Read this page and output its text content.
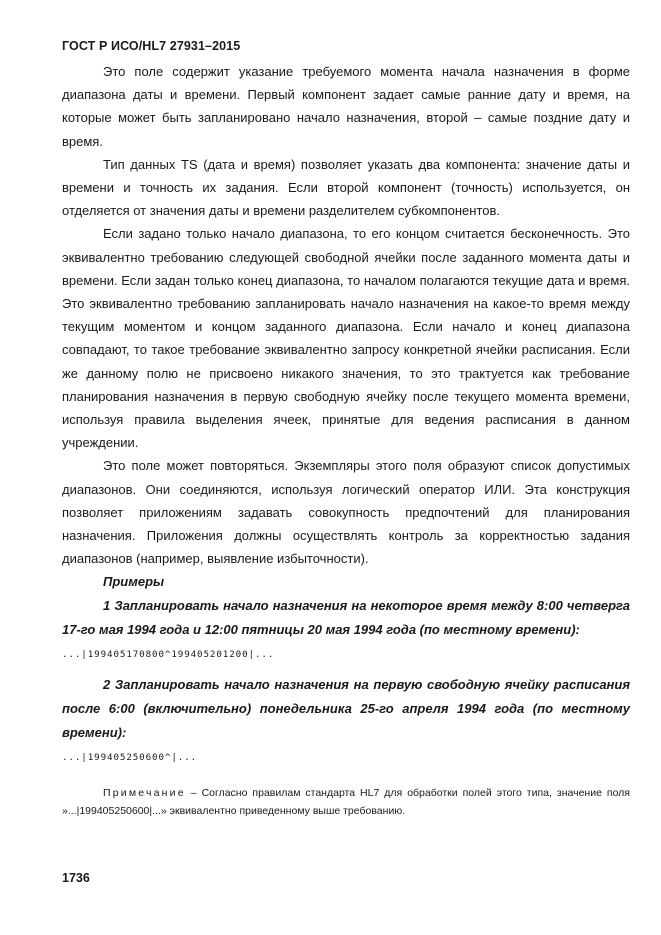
ГОСТ Р ИСО/HL7 27931–2015

Это поле содержит указание требуемого момента начала назначения в форме диапазона даты и времени. Первый компонент задает самые ранние дату и время, на которые может быть запланировано начало назначения, второй – самые поздние дату и время.

Тип данных TS (дата и время) позволяет указать два компонента: значение даты и времени и точность их задания. Если второй компонент (точность) используется, он отделяется от значения даты и времени разделителем субкомпонентов.

Если задано только начало диапазона, то его концом считается бесконечность. Это эквивалентно требованию следующей свободной ячейки после заданного момента даты и времени. Если задан только конец диапазона, то началом полагаются текущие дата и время. Это эквивалентно требованию запланировать начало назначения на какое-то время между текущим моментом и концом заданного диапазона. Если начало и конец диапазона совпадают, то такое требование эквивалентно запросу конкретной ячейки расписания. Если же данному полю не присвоено никакого значения, то это трактуется как требование планирования назначения в первую свободную ячейку после текущего момента времени, используя правила выделения ячеек, принятые для ведения расписания в данном учреждении.

Это поле может повторяться. Экземпляры этого поля образуют список допустимых диапазонов. Они соединяются, используя логический оператор ИЛИ. Эта конструкция позволяет приложениям задавать совокупность предпочтений для планирования назначения. Приложения должны осуществлять контроль за корректностью задания диапазонов (например, выявление избыточности).

Примеры

1 Запланировать начало назначения на некоторое время между 8:00 четверга 17-го мая 1994 года и 12:00 пятницы 20 мая 1994 года (по местному времени):

...|199405170800^199405201200|...

2 Запланировать начало назначения на первую свободную ячейку расписания после 6:00 (включительно) понедельника 25-го апреля 1994 года (по местному времени):

...|199405250600^|...

Примечание – Согласно правилам стандарта HL7 для обработки полей этого типа, значение поля »...|199405250600|...» эквивалентно приведенному выше требованию.
1736
